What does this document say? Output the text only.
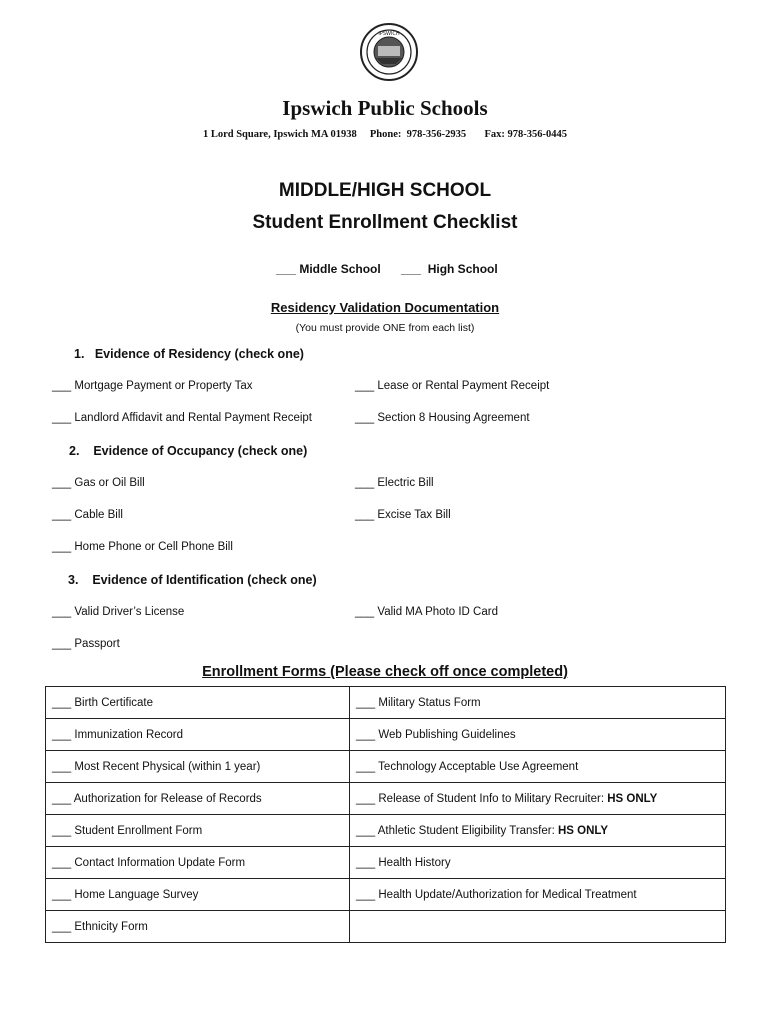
IPSWICH
Ipswich Public Schools
1 Lord Square, Ipswich MA 01938     Phone:  978-356-2935       Fax: 978-356-0445
MIDDLE/HIGH SCHOOL
Student Enrollment Checklist
___ Middle School ___  High School
Residency Validation Documentation
(You must provide ONE from each list)
1.   Evidence of Residency (check one)
___ Mortgage Payment or Property Tax	___ Lease or Rental Payment Receipt
___ Landlord Affidavit and Rental Payment Receipt	___ Section 8 Housing Agreement
2.    Evidence of Occupancy (check one)
___ Gas or Oil Bill	___ Electric Bill
___ Cable Bill	___ Excise Tax Bill
___ Home Phone or Cell Phone Bill
3.    Evidence of Identification (check one)
___ Valid Driver’s License	___ Valid MA Photo ID Card
___ Passport
Enrollment Forms (Please check off once completed)
___ Birth Certificate	___ Military Status Form
___ Immunization Record	___ Web Publishing Guidelines
___ Most Recent Physical (within 1 year)	___ Technology Acceptable Use Agreement
___ Authorization for Release of Records	___ Release of Student Info to Military Recruiter: HS ONLY
___ Student Enrollment Form	___ Athletic Student Eligibility Transfer: HS ONLY
___ Contact Information Update Form	___ Health History
___ Home Language Survey	___ Health Update/Authorization for Medical Treatment
___ Ethnicity Form	
